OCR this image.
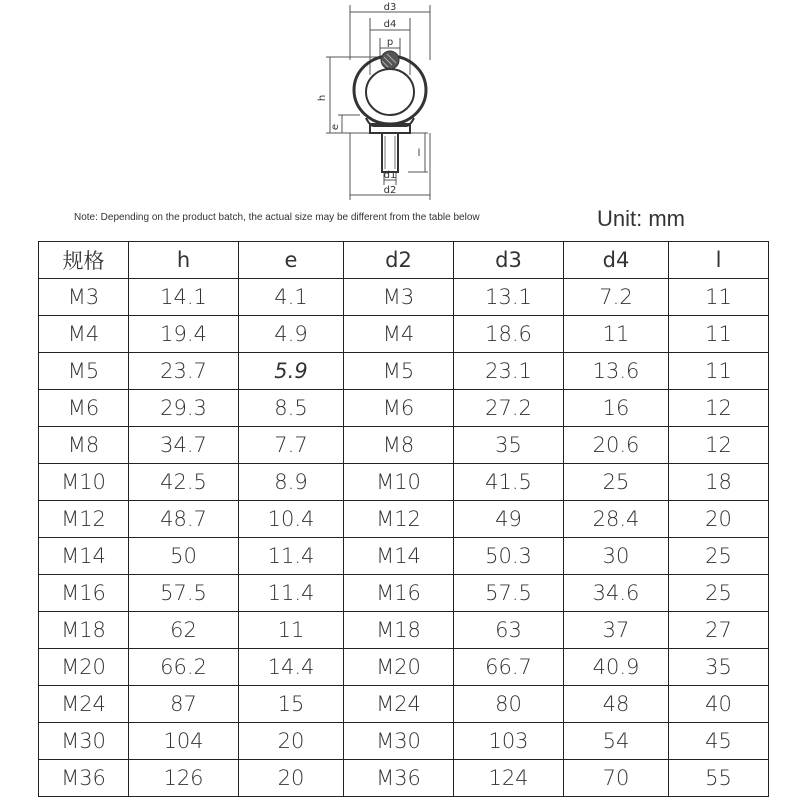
d3
d4
p
h
e
l
d1
d2
Note: Depending on the product batch, the actual size may be different from the table below	Unit: mm
规格	h	e	d2	d3	d4	l
M3	14.1	4.1	M3	13.1	7.2	11
M4	19.4	4.9	M4	18.6	11	11
M5	23.7	5.9	M5	23.1	13.6	11
M6	29.3	8.5	M6	27.2	16	12
M8	34.7	7.7	M8	35	20.6	12
M10	42.5	8.9	M10	41.5	25	18
M12	48.7	10.4	M12	49	28.4	20
M14	50	11.4	M14	50.3	30	25
M16	57.5	11.4	M16	57.5	34.6	25
M18	62	11	M18	63	37	27
M20	66.2	14.4	M20	66.7	40.9	35
M24	87	15	M24	80	48	40
M30	104	20	M30	103	54	45
M36	126	20	M36	124	70	55
